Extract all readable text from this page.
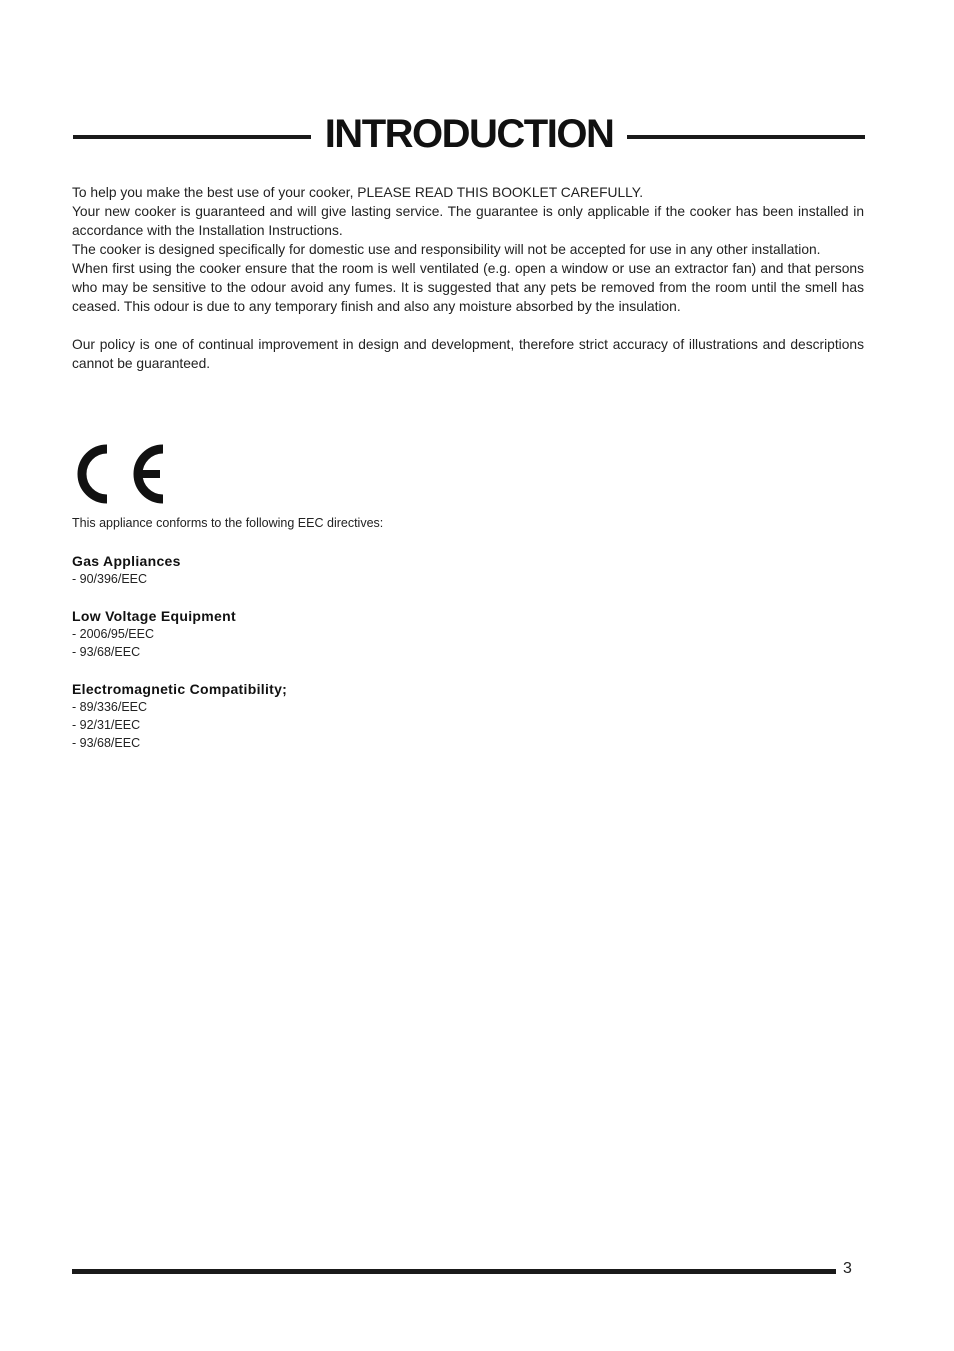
INTRODUCTION

To help you make the best use of your cooker, PLEASE READ THIS BOOKLET CAREFULLY.

Your new cooker is guaranteed and will give lasting service. The guarantee is only applicable if the cooker has been installed in accordance with the Installation Instructions.

The cooker is designed specifically for domestic use and responsibility will not be accepted for use in any other installation.

When first using the cooker ensure that the room is well ventilated (e.g. open a window or use an extractor fan) and that persons who may be sensitive to the odour avoid any fumes. It is suggested that any pets be removed from the room until the smell has ceased. This odour is due to any temporary finish and also any moisture absorbed by the insulation.

Our policy is one of continual improvement in design and development, therefore strict accuracy of illustrations and descriptions cannot be guaranteed.

This appliance conforms to the following EEC directives:

Gas Appliances

- 90/396/EEC

Low Voltage Equipment

- 2006/95/EEC

- 93/68/EEC

Electromagnetic Compatibility;

- 89/336/EEC

- 92/31/EEC

- 93/68/EEC

3
